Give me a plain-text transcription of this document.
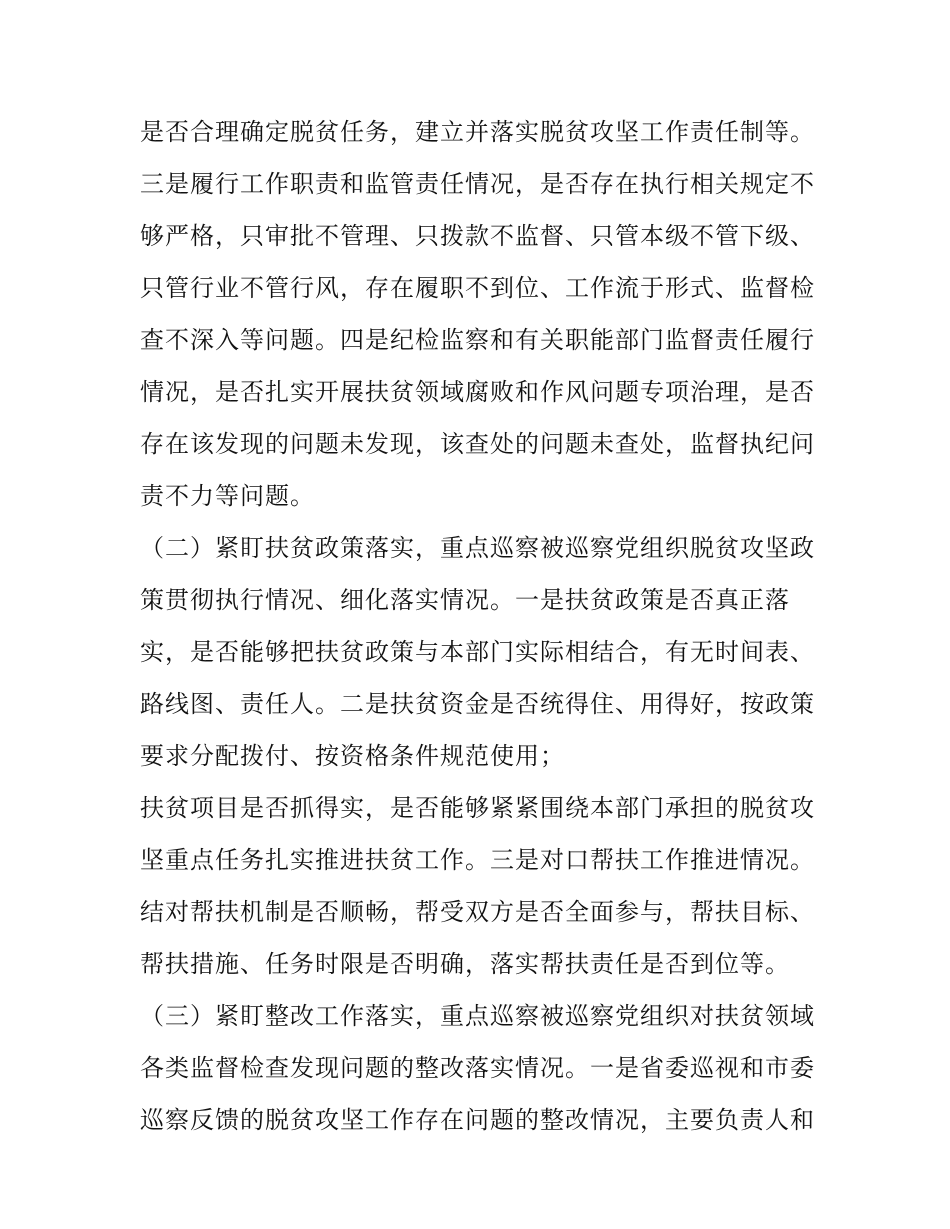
是否合理确定脱贫任务，建立并落实脱贫攻坚工作责任制等。
三是履行工作职责和监管责任情况，是否存在执行相关规定不
够严格，只审批不管理、只拨款不监督、只管本级不管下级、
只管行业不管行风，存在履职不到位、工作流于形式、监督检
查不深入等问题。四是纪检监察和有关职能部门监督责任履行
情况，是否扎实开展扶贫领域腐败和作风问题专项治理，是否
存在该发现的问题未发现，该查处的问题未查处，监督执纪问
责不力等问题。
（二）紧盯扶贫政策落实，重点巡察被巡察党组织脱贫攻坚政
策贯彻执行情况、细化落实情况。一是扶贫政策是否真正落
实，是否能够把扶贫政策与本部门实际相结合，有无时间表、
路线图、责任人。二是扶贫资金是否统得住、用得好，按政策
要求分配拨付、按资格条件规范使用；
扶贫项目是否抓得实，是否能够紧紧围绕本部门承担的脱贫攻
坚重点任务扎实推进扶贫工作。三是对口帮扶工作推进情况。
结对帮扶机制是否顺畅，帮受双方是否全面参与，帮扶目标、
帮扶措施、任务时限是否明确，落实帮扶责任是否到位等。
（三）紧盯整改工作落实，重点巡察被巡察党组织对扶贫领域
各类监督检查发现问题的整改落实情况。一是省委巡视和市委
巡察反馈的脱贫攻坚工作存在问题的整改情况，主要负责人和
